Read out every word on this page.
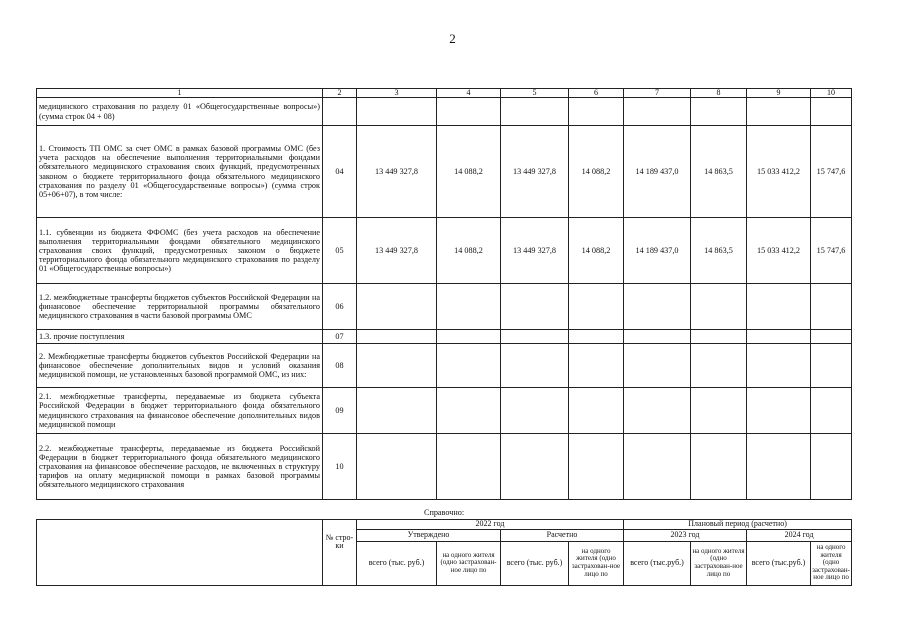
2
1	2	3	4	5	6	7	8	9	10
медицинского страхования по разделу 01 «Общегосударственные вопросы») (сумма строк 04 + 08)									
1. Стоимость ТП ОМС за счет ОМС в рамках базовой программы ОМС (без учета расходов на обеспечение выполнения территориальными фондами обязательного медицинского страхования своих функций, предусмотренных законом о бюджете территориального фонда обязательного медицинского страхования по разделу 01 «Общегосударственные вопросы») (сумма строк 05+06+07), в том числе:	04	13 449 327,8	14 088,2	13 449 327,8	14 088,2	14 189 437,0	14 863,5	15 033 412,2	15 747,6
1.1. субвенции из бюджета ФФОМС (без учета расходов на обеспечение выполнения территориальными фондами обязательного медицинского страхования своих функций, предусмотренных законом о бюджете территориального фонда обязательного медицинского страхования по разделу 01 «Общегосударственные вопросы»)	05	13 449 327,8	14 088,2	13 449 327,8	14 088,2	14 189 437,0	14 863,5	15 033 412,2	15 747,6
1.2. межбюджетные трансферты бюджетов субъектов Российской Федерации на финансовое обеспечение территориальной программы обязательного медицинского страхования в части базовой программы ОМС	06								
1.3. прочие поступления	07								
2. Межбюджетные трансферты бюджетов субъектов Российской Федерации на финансовое обеспечение дополнительных видов и условий оказания медицинской помощи, не установленных базовой программой ОМС, из них:	08								
2.1. межбюджетные трансферты, передаваемые из бюджета субъекта Российской Федерации в бюджет территориального фонда обязательного медицинского страхования на финансовое обеспечение дополнительных видов медицинской помощи	09								
2.2. межбюджетные трансферты, передаваемые из бюджета Российской Федерации в бюджет территориального фонда обязательного медицинского страхования на финансовое обеспечение расходов, не включенных в структуру тарифов на оплату медицинской помощи в рамках базовой программы обязательного медицинского страхования	10								
Справочно:									
	№ стро-ки	2022 год				Плановый период (расчетно)			
		Утверждено		Расчетно		2023 год		2024 год	
		всего (тыс. руб.)	на одного жителя (одно застрахован-ное лицо по	всего (тыс. руб.)	на одного жителя (одно застрахован-ное лицо по	всего (тыс.руб.)	на одного жителя (одно застрахован-ное лицо по	всего (тыс.руб.)	на одного жителя (одно застрахован-ное лицо по
